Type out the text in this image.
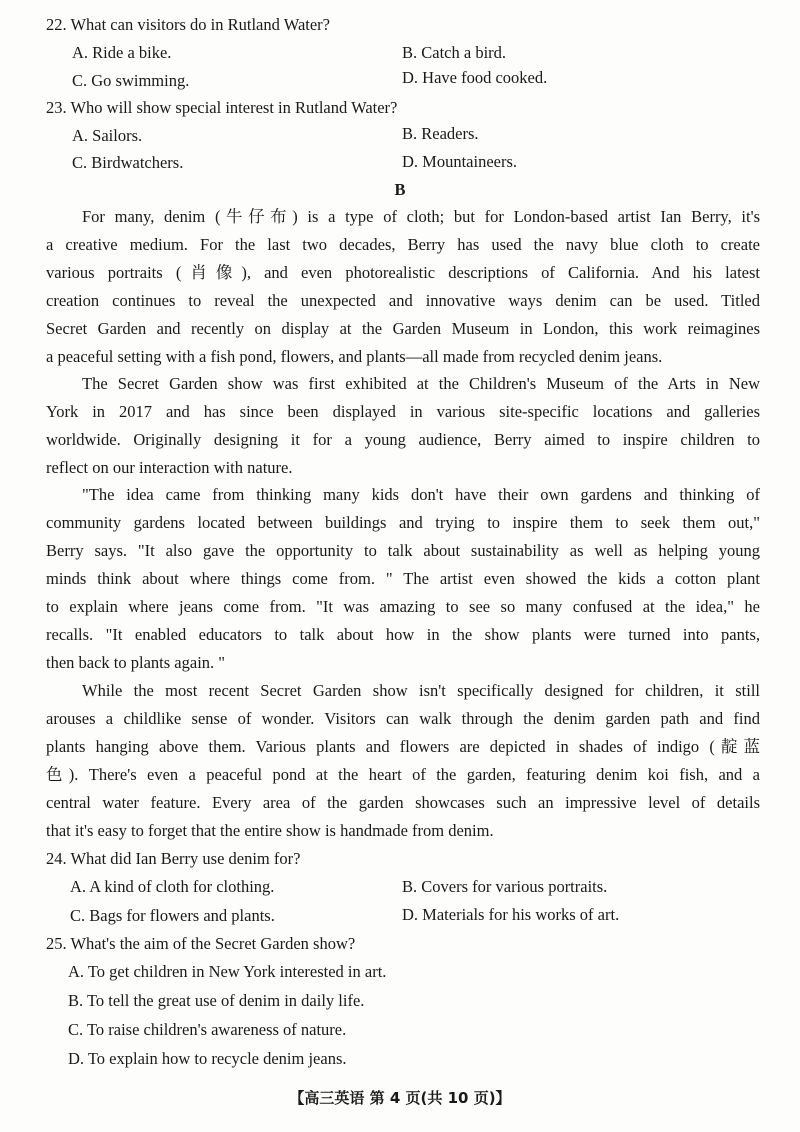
22. What can visitors do in Rutland Water?
A. Ride a bike.	B. Catch a bird.
C. Go swimming.	D. Have food cooked.
23. Who will show special interest in Rutland Water?
A. Sailors.	B. Readers.
C. Birdwatchers.	D. Mountaineers.
B
For many, denim (牛仔布) is a type of cloth; but for London-based artist Ian Berry, it's
a creative medium. For the last two decades, Berry has used the navy blue cloth to create
various portraits (肖像), and even photorealistic descriptions of California. And his latest
creation continues to reveal the unexpected and innovative ways denim can be used. Titled
Secret Garden and recently on display at the Garden Museum in London, this work reimagines
a peaceful setting with a fish pond, flowers, and plants—all made from recycled denim jeans.
The Secret Garden show was first exhibited at the Children's Museum of the Arts in New
York in 2017 and has since been displayed in various site-specific locations and galleries
worldwide. Originally designing it for a young audience, Berry aimed to inspire children to
reflect on our interaction with nature.
"The idea came from thinking many kids don't have their own gardens and thinking of
community gardens located between buildings and trying to inspire them to seek them out,"
Berry says. "It also gave the opportunity to talk about sustainability as well as helping young
minds think about where things come from. " The artist even showed the kids a cotton plant
to explain where jeans come from. "It was amazing to see so many confused at the idea," he
recalls. "It enabled educators to talk about how in the show plants were turned into pants,
then back to plants again. "
While the most recent Secret Garden show isn't specifically designed for children, it still
arouses a childlike sense of wonder. Visitors can walk through the denim garden path and find
plants hanging above them. Various plants and flowers are depicted in shades of indigo (靛蓝
色). There's even a peaceful pond at the heart of the garden, featuring denim koi fish, and a
central water feature. Every area of the garden showcases such an impressive level of details
that it's easy to forget that the entire show is handmade from denim.
24. What did Ian Berry use denim for?
A. A kind of cloth for clothing.	B. Covers for various portraits.
C. Bags for flowers and plants.	D. Materials for his works of art.
25. What's the aim of the Secret Garden show?
A. To get children in New York interested in art.
B. To tell the great use of denim in daily life.
C. To raise children's awareness of nature.
D. To explain how to recycle denim jeans.
【高三英语 第 4 页(共 10 页)】
